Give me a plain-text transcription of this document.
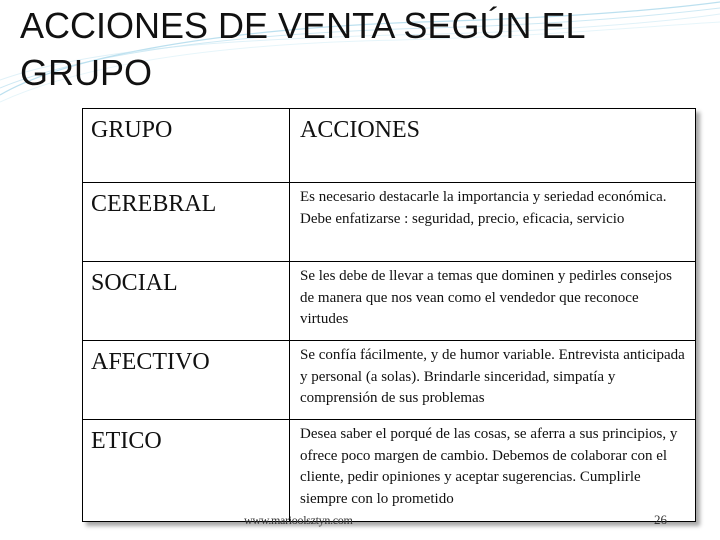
ACCIONES DE VENTA SEGÚN EL GRUPO
GRUPO	ACCIONES
CEREBRAL	Es necesario destacarle la importancia y seriedad económica. Debe enfatizarse : seguridad, precio, eficacia, servicio
SOCIAL	Se les debe de llevar a temas que dominen y pedirles consejos de manera que nos vean como el vendedor que reconoce virtudes
AFECTIVO	Se confía fácilmente, y de humor variable. Entrevista anticipada y personal (a solas). Brindarle sinceridad, simpatía y comprensión de sus problemas
ETICO	Desea saber el porqué de las cosas, se aferra a sus principios, y ofrece poco margen de cambio. Debemos de colaborar con el cliente, pedir opiniones y aceptar sugerencias. Cumplirle siempre con lo prometido
www.marioolsztyn.com	26
